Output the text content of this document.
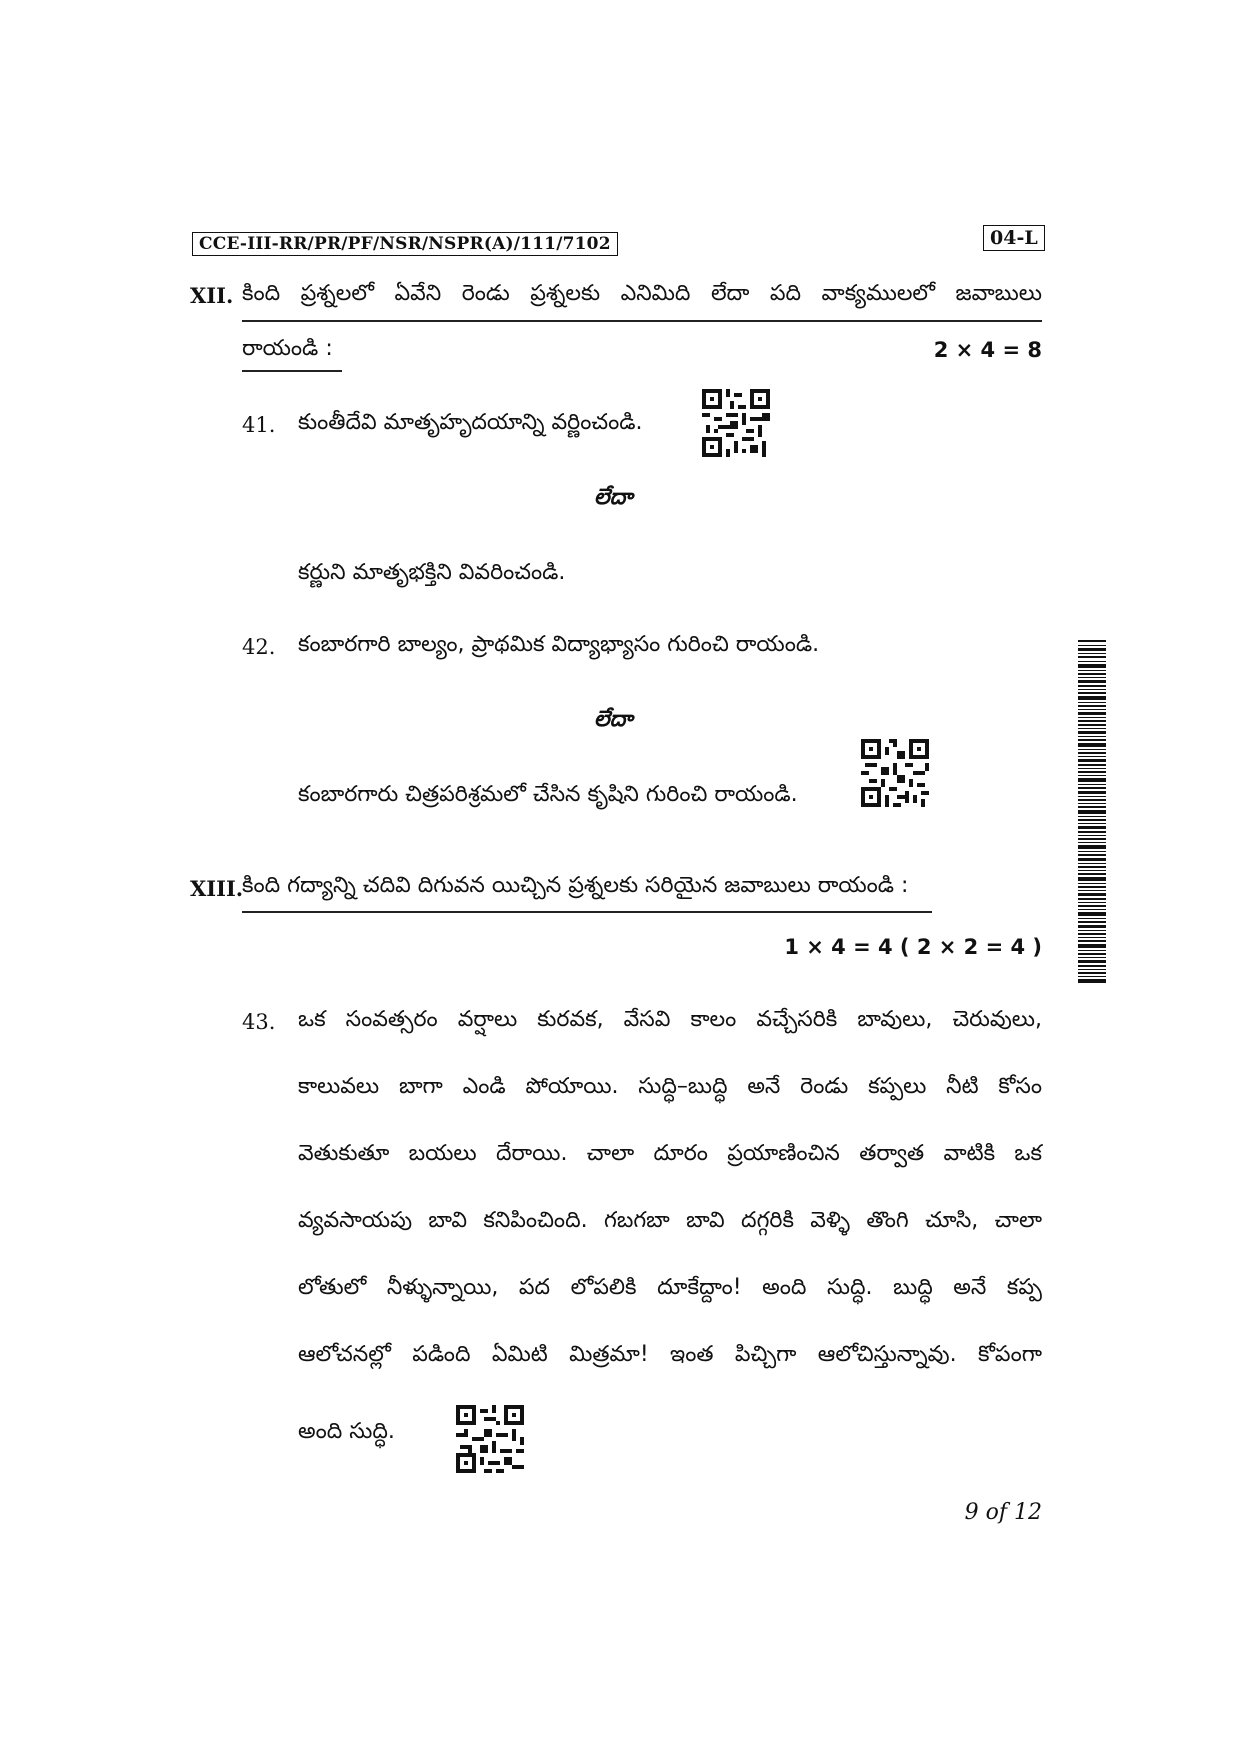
CCE-III-RR/PR/PF/NSR/NSPR(A)/111/7102	04-L
XII. కింది ప్రశ్నలలో ఏవేని రెండు ప్రశ్నలకు ఎనిమిది లేదా పది వాక్యములలో జవాబులు
రాయండి :	2 × 4 = 8
41. కుంతీదేవి మాతృహృదయాన్ని వర్ణించండి.
లేదా
కర్ణుని మాతృభక్తిని వివరించండి.
42. కంబారగారి బాల్యం, ప్రాథమిక విద్యాభ్యాసం గురించి రాయండి.
లేదా
కంబారగారు చిత్రపరిశ్రమలో చేసిన కృషిని గురించి రాయండి.
XIII.
కింది గద్యాన్ని చదివి దిగువన యిచ్చిన ప్రశ్నలకు సరియైన జవాబులు రాయండి :
1 × 4 = 4 ( 2 × 2 = 4 )
43. ఒక సంవత్సరం వర్షాలు కురవక, వేసవి కాలం వచ్చేసరికి బావులు, చెరువులు,
కాలువలు బాగా ఎండి పోయాయి. సుద్ధి–బుద్ధి అనే రెండు కప్పలు నీటి కోసం
వెతుకుతూ బయలు దేరాయి. చాలా దూరం ప్రయాణించిన తర్వాత వాటికి ఒక
వ్యవసాయపు బావి కనిపించింది. గబగబా బావి దగ్గరికి వెళ్ళి తొంగి చూసి, చాలా
లోతులో నీళ్ళున్నాయి, పద లోపలికి దూకేద్దాం! అంది సుద్ధి. బుద్ధి అనే కప్ప
ఆలోచనల్లో పడింది ఏమిటి మిత్రమా! ఇంత పిచ్చిగా ఆలోచిస్తున్నావు. కోపంగా
అంది సుద్ధి.
9 of 12
